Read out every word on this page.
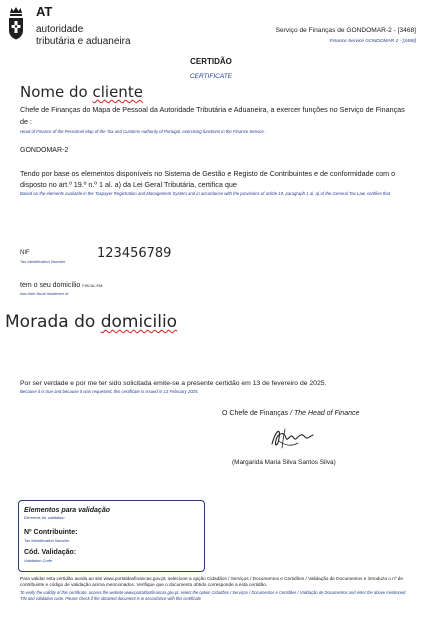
AT
autoridade
tributária e aduaneira
Serviço de Finanças de GONDOMAR-2 - [3468]
Finance Service GONDOMAR-2 - [3468]
CERTIDÃO
CERTIFICATE
Nome do cliente
Chefe de Finanças do Mapa de Pessoal da Autoridade Tributária e Aduaneira, a exercer funções no Serviço de Finanças de :
Head of Finance of the Personnel Map of the Tax and Customs Authority of Portugal, exercising functions in the Finance Service :
GONDOMAR-2
Tendo por base os elementos disponíveis no Sistema de Gestão e Registo de Contribuintes e de conformidade com o disposto no art.º 19.º n.º 1 al. a) da Lei Geral Tributária, certifica que
Based on the elements available in the Taxpayer Registration and Management System and in accordance with the provisions of article 19, paragraph 1 al. a) of the General Tax Law, certifies that
NIF	123456789
Tax Identification Number
tem o seu domicílio FISCAL EM:
has their fiscal residence in:
Morada do domicilio
Por ser verdade e por me ter sido solicitada emite-se a presente certidão em 13 de fevereiro de 2025.
Because it is true and because it was requested, this certificate is issued in 13 February 2025.
O Chefe de Finanças / The Head of Finance
(Margarida Maria Silva Santos Silva)
Elementos para validação
Elements for validation
Nº Contribuinte:
Tax Identification Number
Cód. Validação:
Validation Code
Para validar esta certidão aceda ao site www.portaldasfinancas.gov.pt, selecione a opção Cidadãos / Serviços / Documentos e Certidões / Validação de Documentos e introduza o nº de contribuinte e código de validação acima mencionados. Verifique que o documento obtido corresponde a esta certidão.
To verify the validity of this certificate, access the website www.portaldasfinancas.gov.pt, select the option Cidadãos / Serviços / Documentos e Certidões / Validação de Documentos and enter the above mentioned TIN and validation code. Please check if the obtained document is in accordance with this certificate
